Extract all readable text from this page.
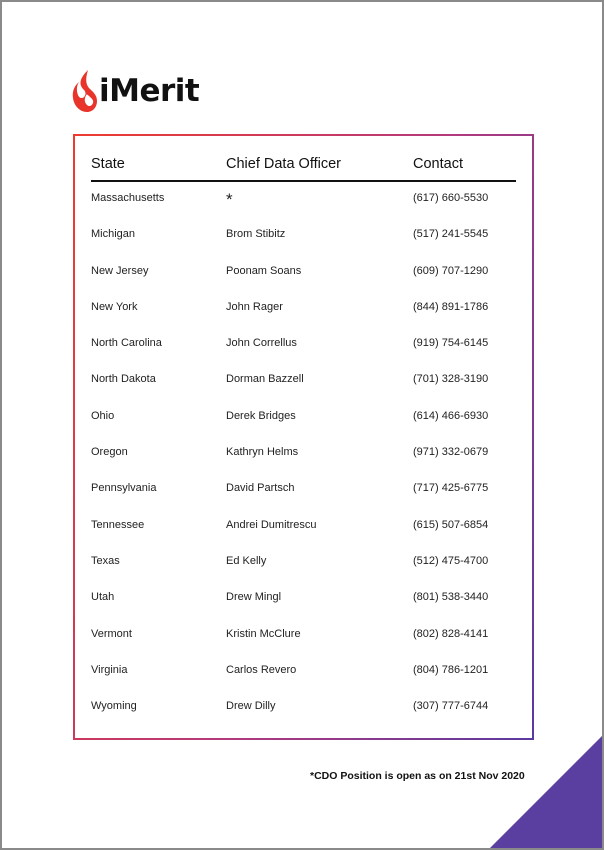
iMerit
State	Chief Data Officer	Contact
Massachusetts	*	(617) 660-5530
Michigan	Brom Stibitz	(517) 241-5545
New Jersey	Poonam Soans	(609) 707-1290
New York	John Rager	(844) 891-1786
North Carolina	John Correllus	(919) 754-6145
North Dakota	Dorman Bazzell	(701) 328-3190
Ohio	Derek Bridges	(614) 466-6930
Oregon	Kathryn Helms	(971) 332-0679
Pennsylvania	David Partsch	(717) 425-6775
Tennessee	Andrei Dumitrescu	(615) 507-6854
Texas	Ed Kelly	(512) 475-4700
Utah	Drew Mingl	(801) 538-3440
Vermont	Kristin McClure	(802) 828-4141
Virginia	Carlos Revero	(804) 786-1201
Wyoming	Drew Dilly	(307) 777-6744
*CDO Position is open as on 21st Nov 2020
